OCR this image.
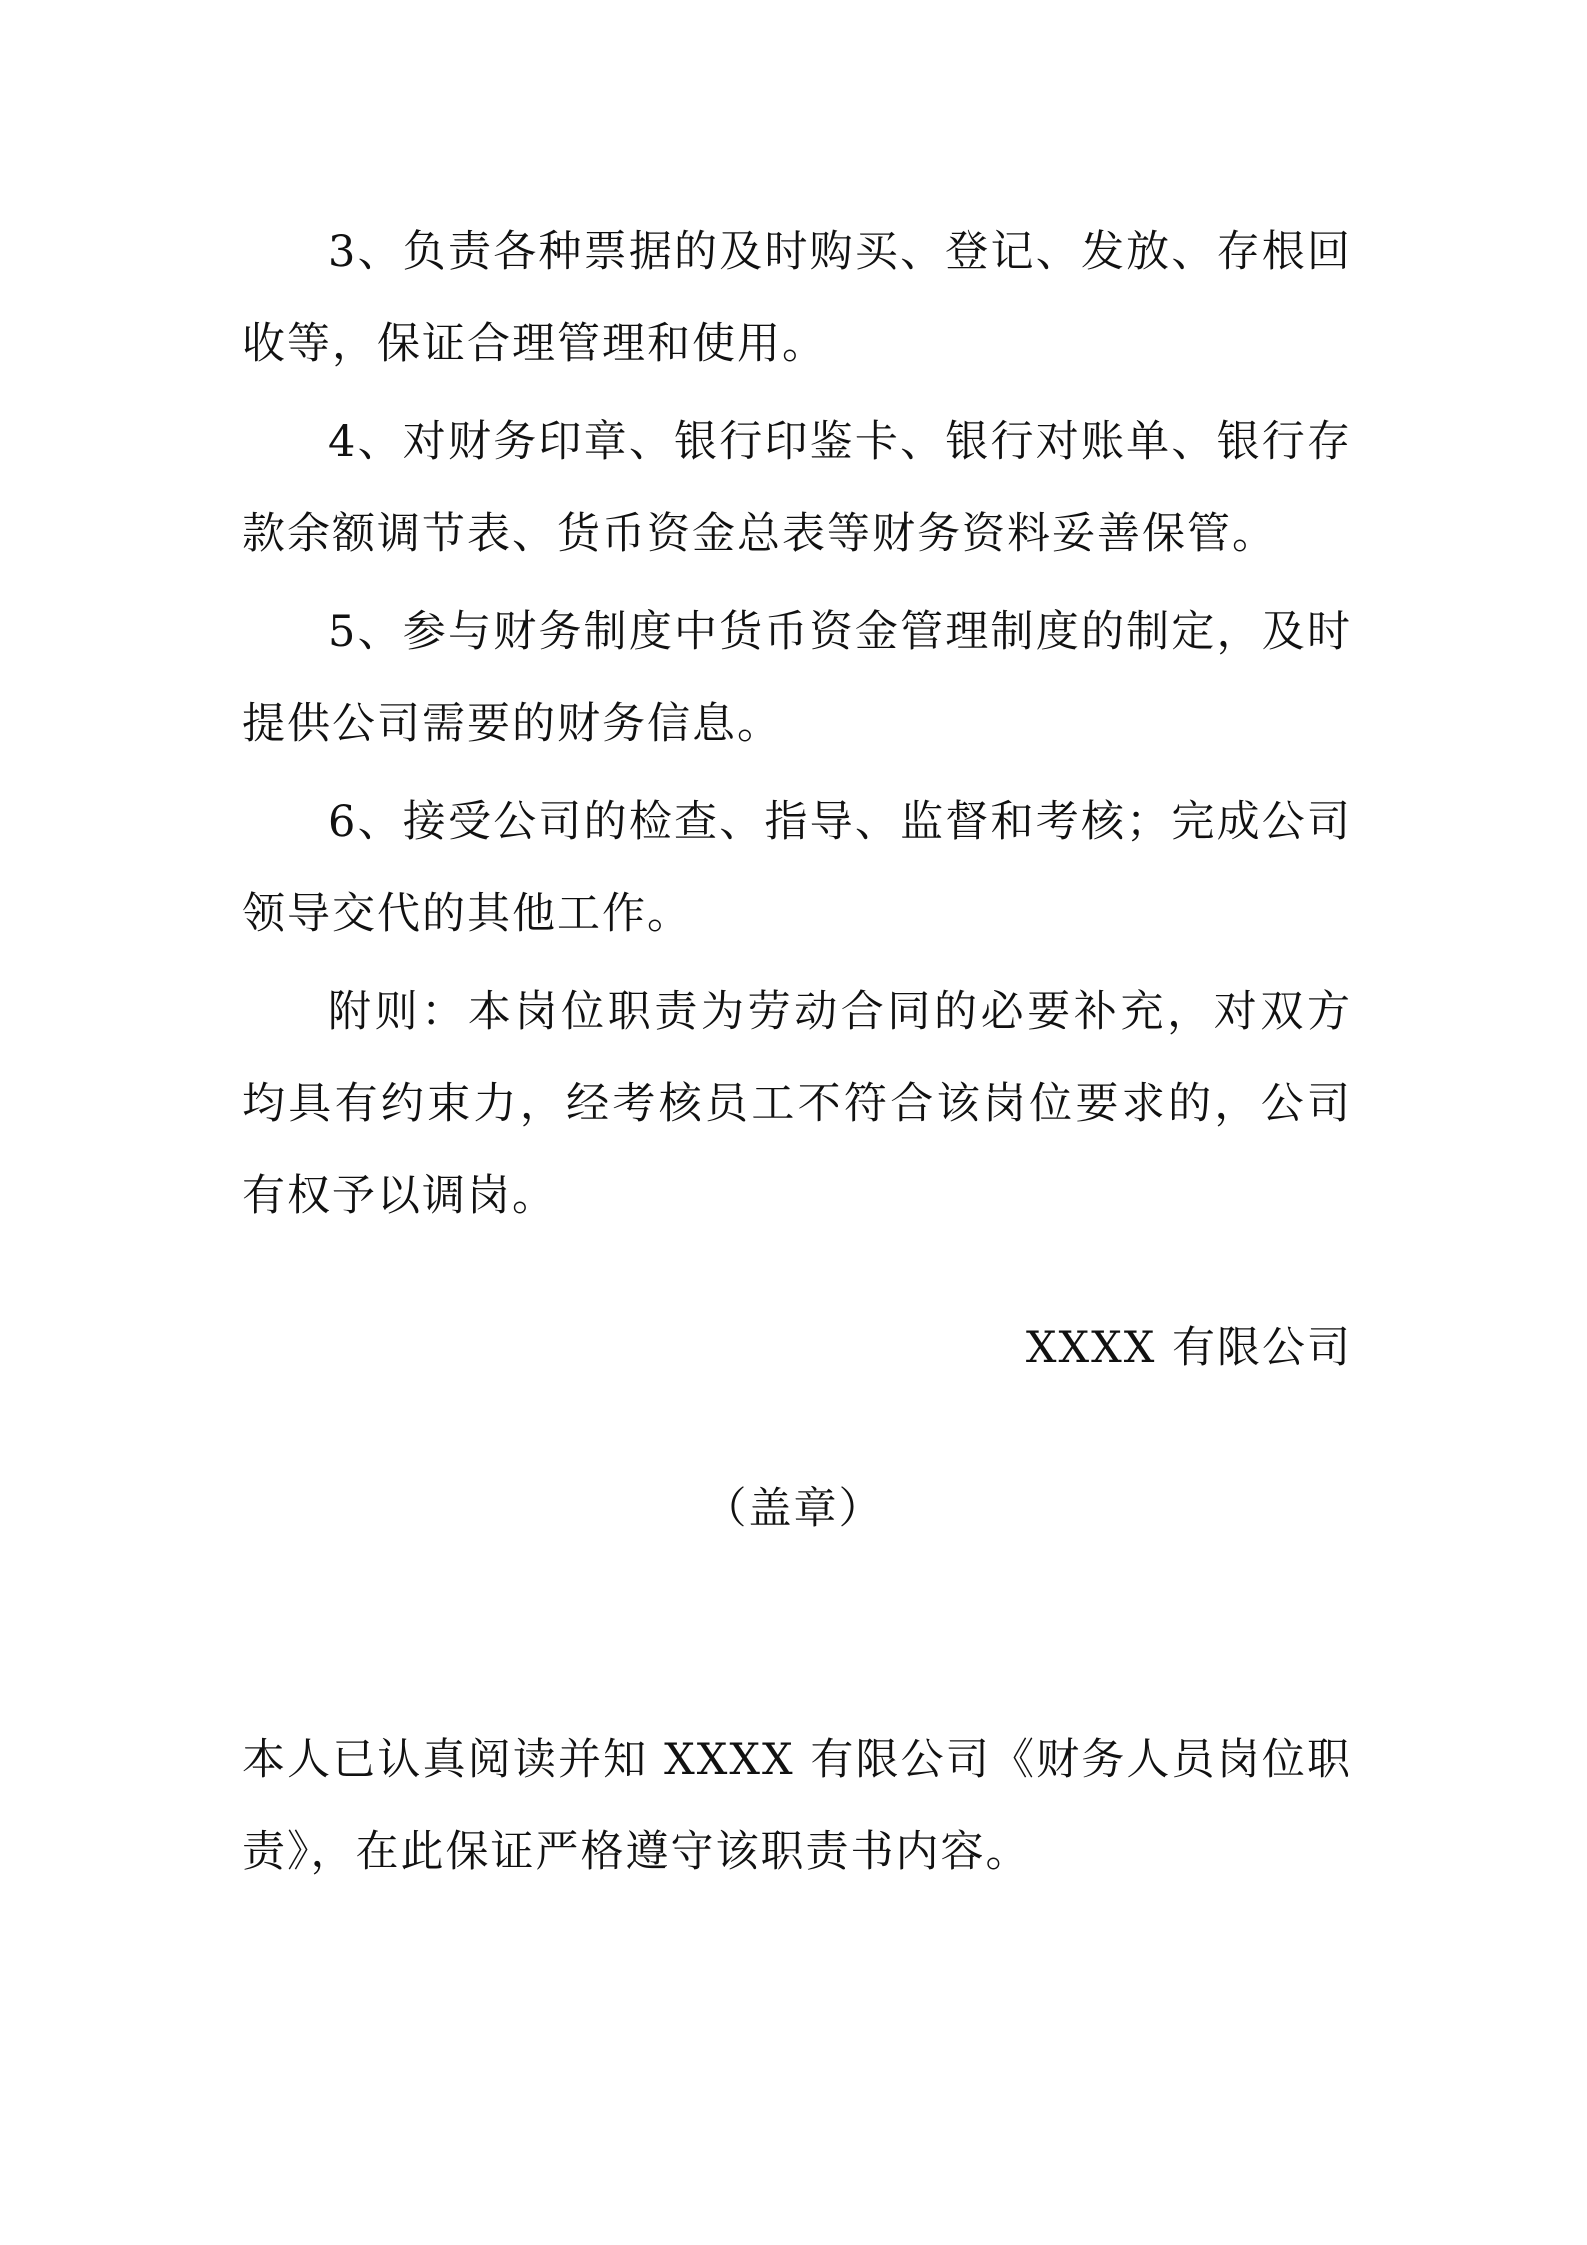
3、负责各种票据的及时购买、登记、发放、存根回收等，保证合理管理和使用。

4、对财务印章、银行印鉴卡、银行对账单、银行存款余额调节表、货币资金总表等财务资料妥善保管。

5、参与财务制度中货币资金管理制度的制定，及时提供公司需要的财务信息。

6、接受公司的检查、指导、监督和考核；完成公司领导交代的其他工作。

附则：本岗位职责为劳动合同的必要补充，对双方均具有约束力，经考核员工不符合该岗位要求的，公司有权予以调岗。

XXXX 有限公司

（盖章）

本人已认真阅读并知 XXXX 有限公司《财务人员岗位职责》，在此保证严格遵守该职责书内容。
